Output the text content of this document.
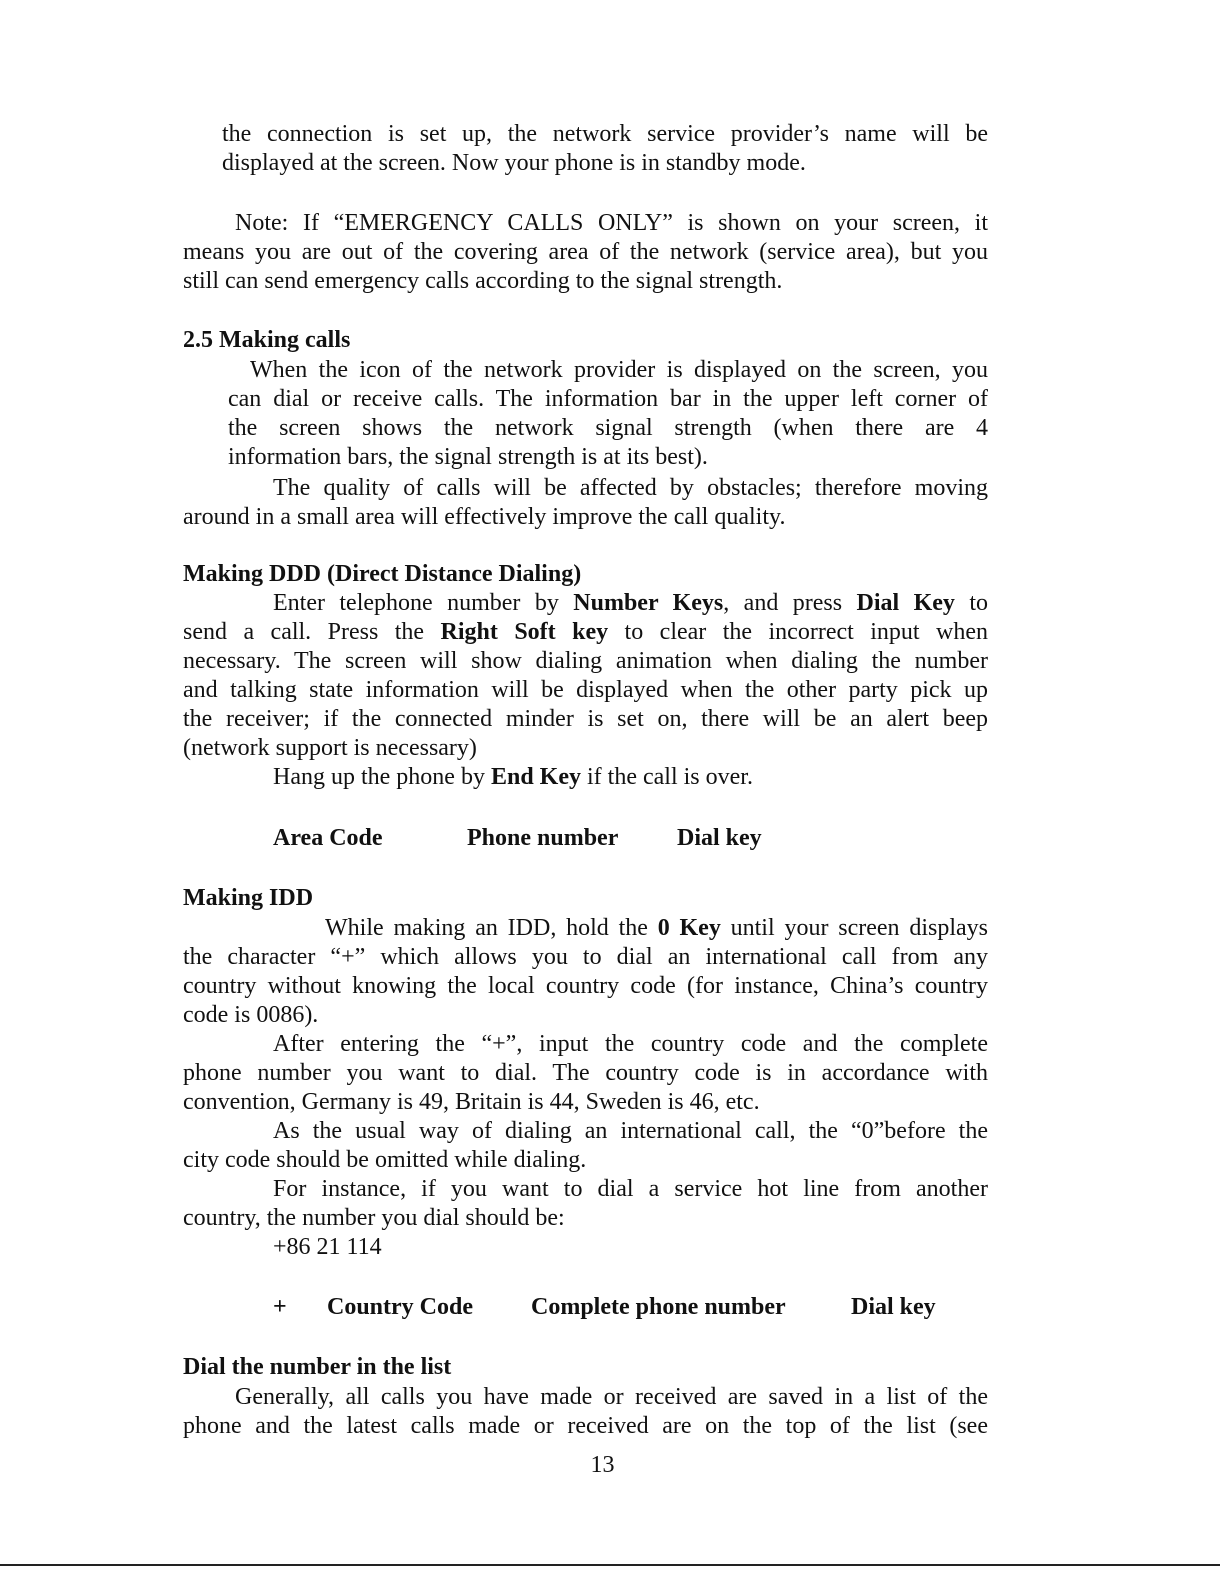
the connection is set up, the network service provider’s name will be
displayed at the screen. Now your phone is in standby mode.
Note: If “EMERGENCY CALLS ONLY” is shown on your screen, it
means you are out of the covering area of the network (service area), but you
still can send emergency calls according to the signal strength.
2.5 Making calls
When the icon of the network provider is displayed on the screen, you
can dial or receive calls. The information bar in the upper left corner of
the screen shows the network signal strength (when there are 4
information bars, the signal strength is at its best).
The quality of calls will be affected by obstacles; therefore moving
around in a small area will effectively improve the call quality.
Making DDD (Direct Distance Dialing)
Enter telephone number by Number Keys, and press Dial Key to
send a call. Press the Right Soft key to clear the incorrect input when
necessary. The screen will show dialing animation when dialing the number
and talking state information will be displayed when the other party pick up
the receiver; if the connected minder is set on, there will be an alert beep
(network support is necessary)
Hang up the phone by End Key if the call is over.
Area Code	Phone number Dial key
Making IDD
While making an IDD, hold the 0 Key until your screen displays
the character “+” which allows you to dial an international call from any
country without knowing the local country code (for instance, China’s country
code is 0086).
After entering the “+”, input the country code and the complete
phone number you want to dial. The country code is in accordance with
convention, Germany is 49, Britain is 44, Sweden is 46, etc.
As the usual way of dialing an international call, the “0”before the
city code should be omitted while dialing.
For instance, if you want to dial a service hot line from another
country, the number you dial should be:
+86 21 114
+ Country Code Complete phone number	Dial key
Dial the number in the list
Generally, all calls you have made or received are saved in a list of the
phone and the latest calls made or received are on the top of the list (see
13
